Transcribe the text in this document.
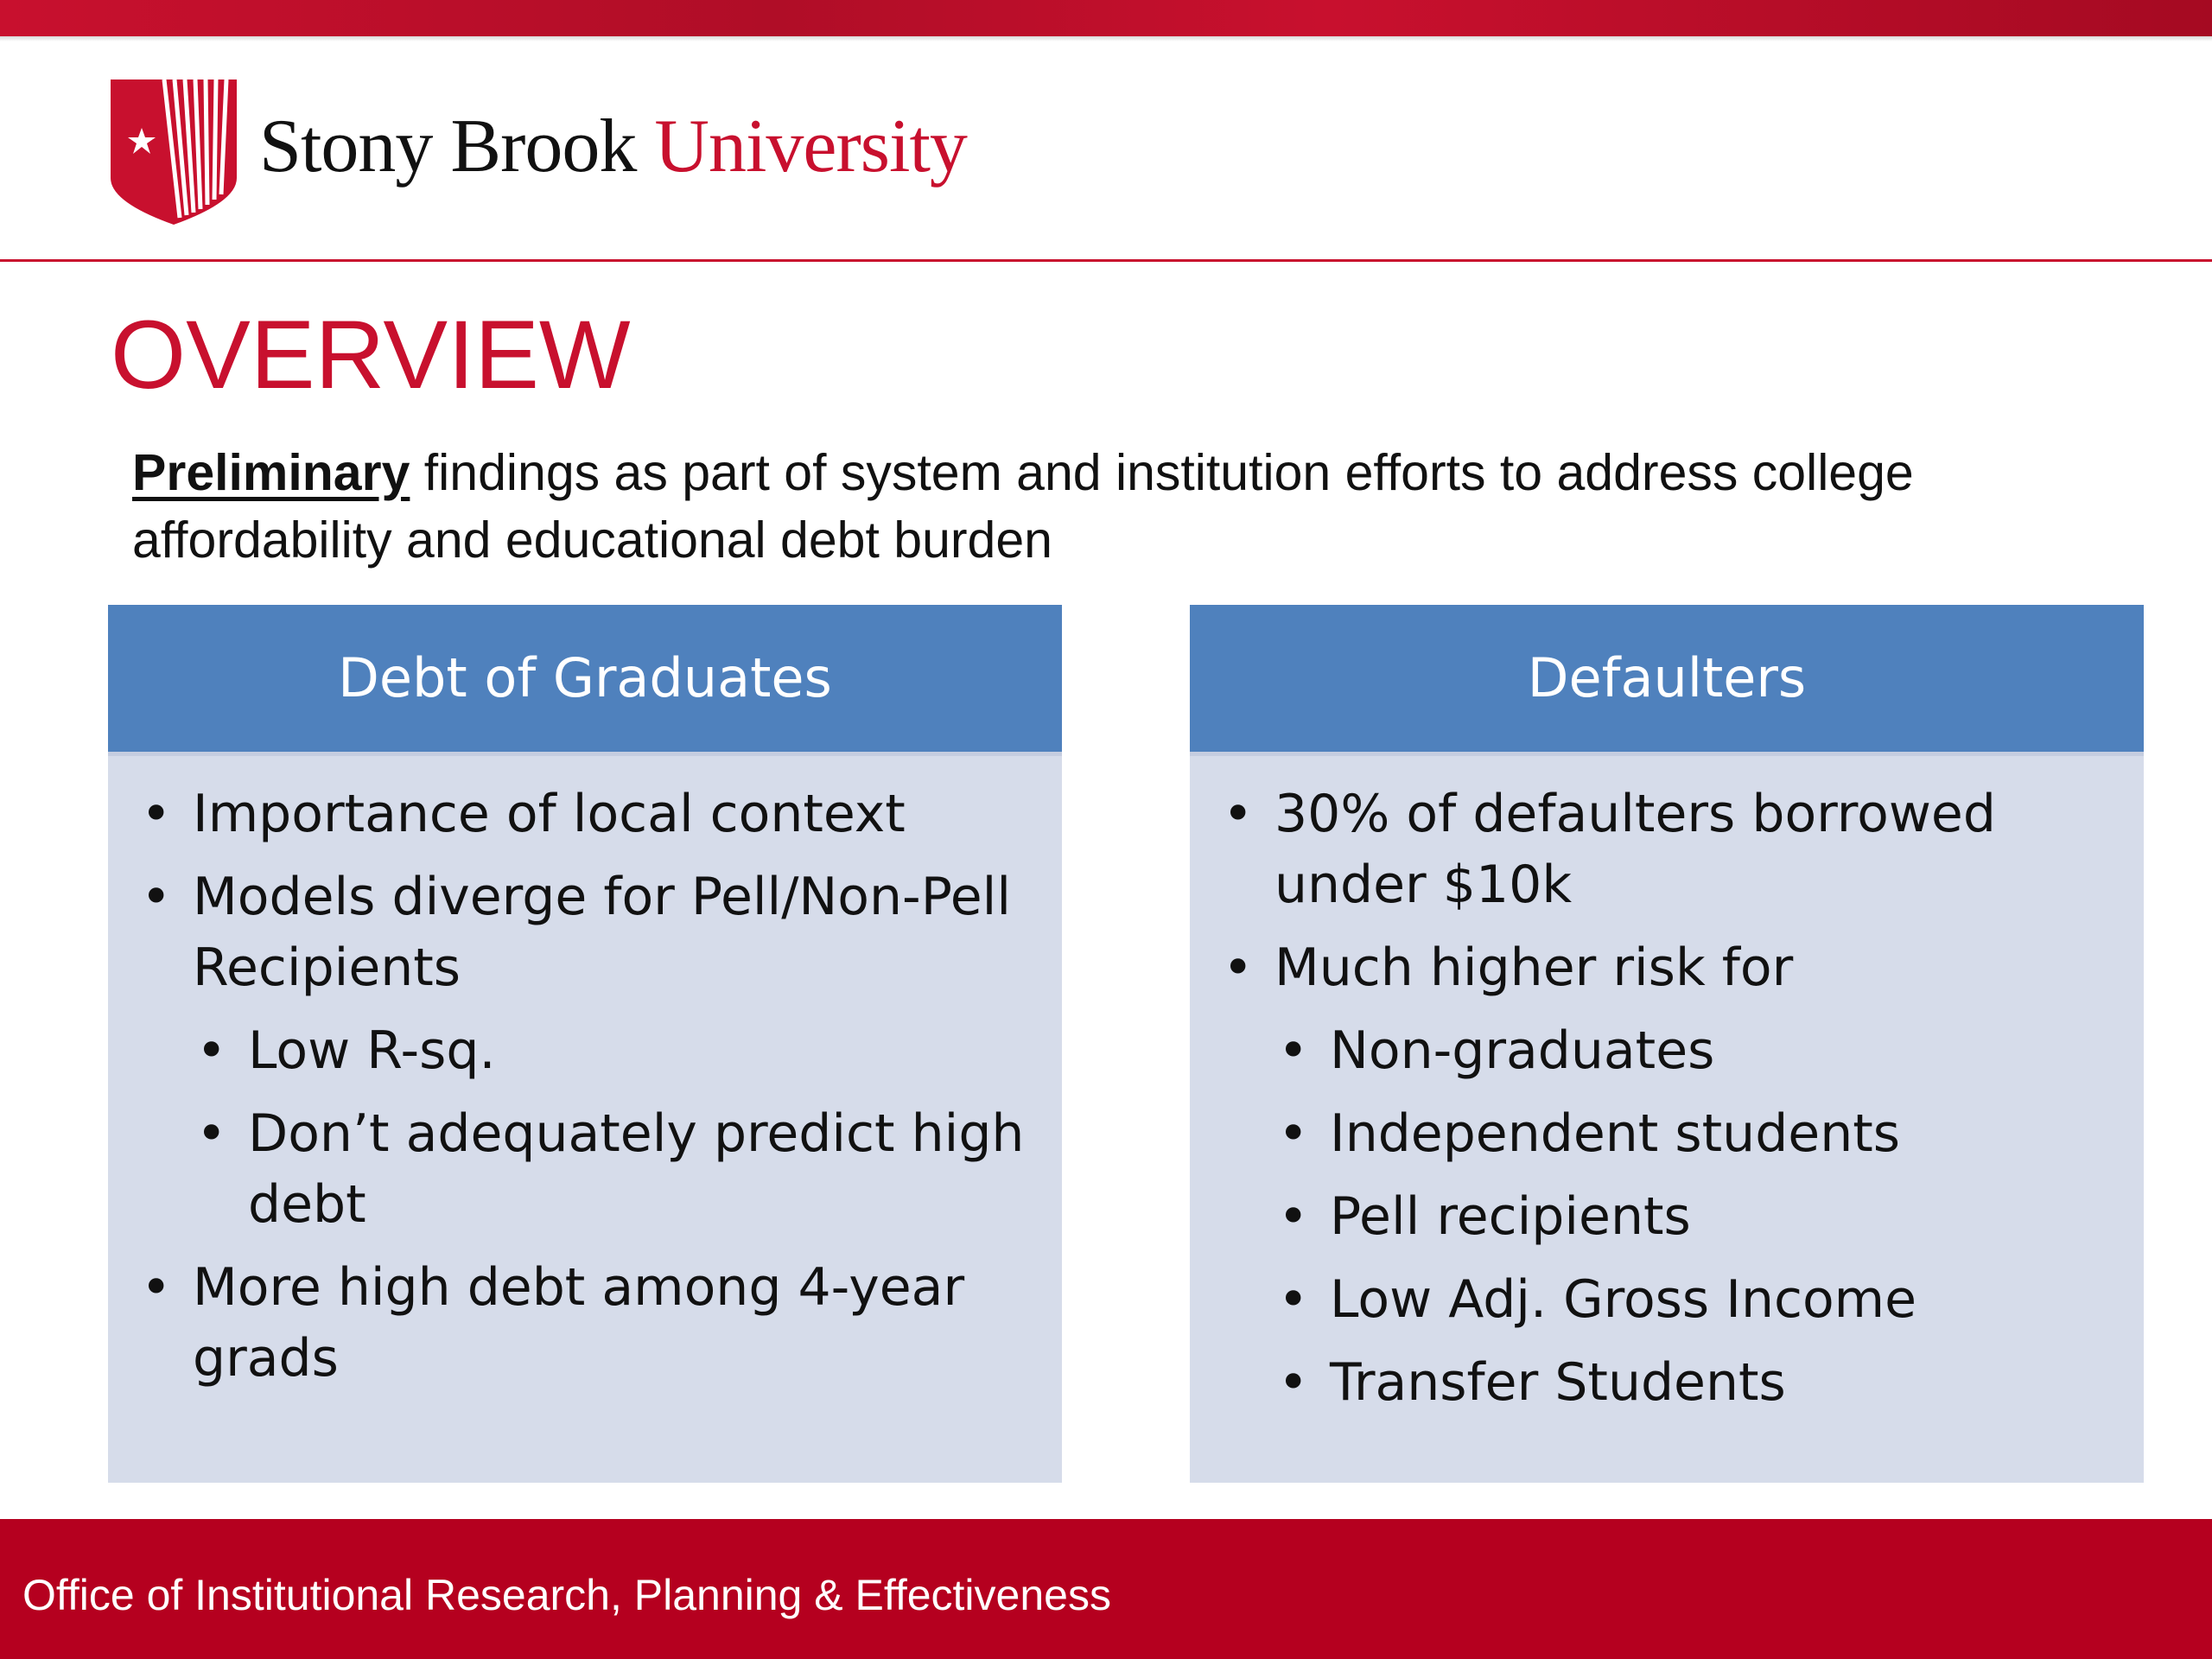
Stony Brook University
OVERVIEW
Preliminary findings as part of system and institution efforts to address college affordability and educational debt burden
Debt of Graduates
• Importance of local context
• Models diverge for Pell/Non-Pell Recipients
• Low R-sq.
• Don’t adequately predict high debt
• More high debt among 4-year grads
Defaulters
• 30% of defaulters borrowed under $10k
• Much higher risk for
• Non-graduates
• Independent students
• Pell recipients
• Low Adj. Gross Income
• Transfer Students
Office of Institutional Research, Planning & Effectiveness
